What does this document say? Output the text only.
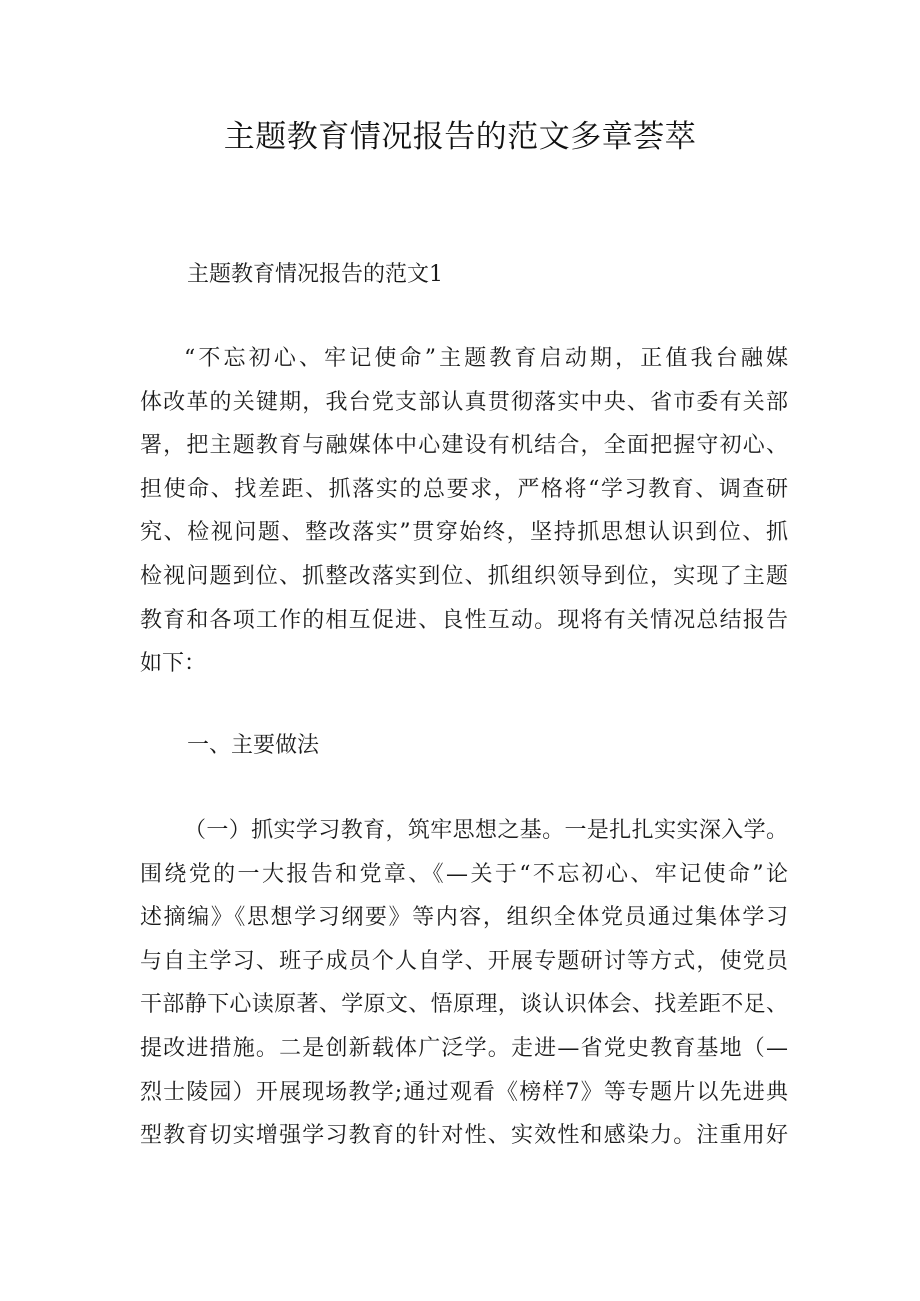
主题教育情况报告的范文多章荟萃

主题教育情况报告的范文1

“不忘初心、牢记使命”主题教育启动期，正值我台融媒
体改革的关键期，我台党支部认真贯彻落实中央、省市委有关部
署，把主题教育与融媒体中心建设有机结合，全面把握守初心、
担使命、找差距、抓落实的总要求，严格将“学习教育、调查研
究、检视问题、整改落实”贯穿始终，坚持抓思想认识到位、抓
检视问题到位、抓整改落实到位、抓组织领导到位，实现了主题
教育和各项工作的相互促进、良性互动。现将有关情况总结报告
如下：

一、主要做法

（一）抓实学习教育，筑牢思想之基。一是扎扎实实深入学。
围绕党的一大报告和党章、《—关于“不忘初心、牢记使命”论
述摘编》《思想学习纲要》等内容，组织全体党员通过集体学习
与自主学习、班子成员个人自学、开展专题研讨等方式，使党员
干部静下心读原著、学原文、悟原理，谈认识体会、找差距不足、
提改进措施。二是创新载体广泛学。走进—省党史教育基地（—
烈士陵园）开展现场教学;通过观看《榜样7》等专题片以先进典
型教育切实增强学习教育的针对性、实效性和感染力。注重用好
